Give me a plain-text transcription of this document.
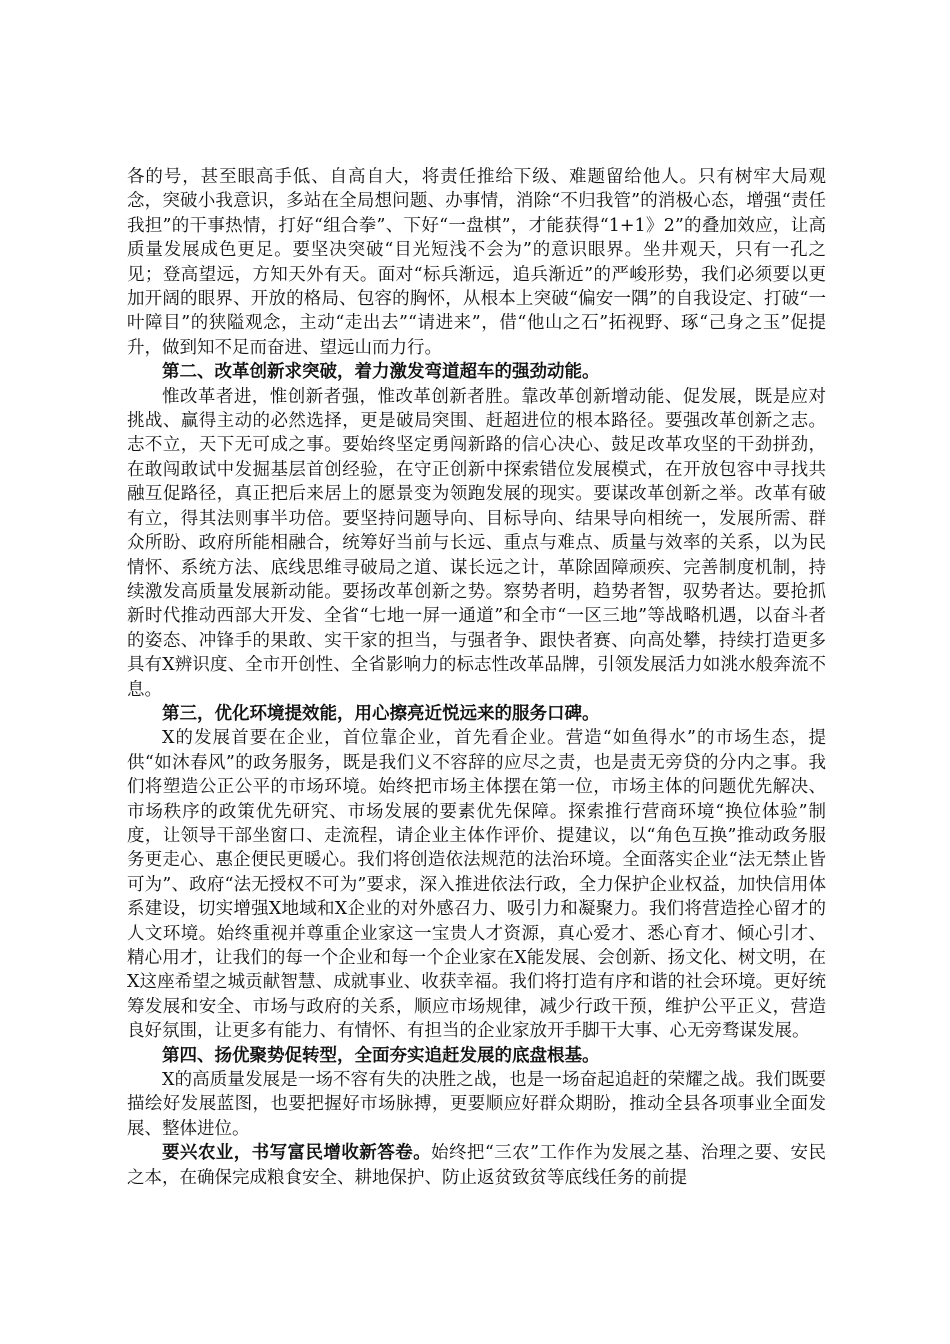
各的号，甚至眼高手低、自高自大，将责任推给下级、难题留给他人。只有树牢大局观念，突破小我意识，多站在全局想问题、办事情，消除“不归我管”的消极心态，增强“责任我担”的干事热情，打好“组合拳”、下好“一盘棋”，才能获得“1+1》2”的叠加效应，让高质量发展成色更足。要坚决突破“目光短浅不会为”的意识眼界。坐井观天，只有一孔之见；登高望远，方知天外有天。面对“标兵渐远，追兵渐近”的严峻形势，我们必须要以更加开阔的眼界、开放的格局、包容的胸怀，从根本上突破“偏安一隅”的自我设定、打破“一叶障目”的狭隘观念，主动“走出去”“请进来”，借“他山之石”拓视野、琢“己身之玉”促提升，做到知不足而奋进、望远山而力行。

第二、改革创新求突破，着力激发弯道超车的强劲动能。

惟改革者进，惟创新者强，惟改革创新者胜。靠改革创新增动能、促发展，既是应对挑战、赢得主动的必然选择，更是破局突围、赶超进位的根本路径。要强改革创新之志。志不立，天下无可成之事。要始终坚定勇闯新路的信心决心、鼓足改革攻坚的干劲拼劲，在敢闯敢试中发掘基层首创经验，在守正创新中探索错位发展模式，在开放包容中寻找共融互促路径，真正把后来居上的愿景变为领跑发展的现实。要谋改革创新之举。改革有破有立，得其法则事半功倍。要坚持问题导向、目标导向、结果导向相统一，发展所需、群众所盼、政府所能相融合，统筹好当前与长远、重点与难点、质量与效率的关系，以为民情怀、系统方法、底线思维寻破局之道、谋长远之计，革除固障顽疾、完善制度机制，持续激发高质量发展新动能。要扬改革创新之势。察势者明，趋势者智，驭势者达。要抢抓新时代推动西部大开发、全省“七地一屏一通道”和全市“一区三地”等战略机遇，以奋斗者的姿态、冲锋手的果敢、实干家的担当，与强者争、跟快者赛、向高处攀，持续打造更多具有X辨识度、全市开创性、全省影响力的标志性改革品牌，引领发展活力如洮水般奔流不息。

第三，优化环境提效能，用心擦亮近悦远来的服务口碑。

X的发展首要在企业，首位靠企业，首先看企业。营造“如鱼得水”的市场生态，提供“如沐春风”的政务服务，既是我们义不容辞的应尽之责，也是责无旁贷的分内之事。我们将塑造公正公平的市场环境。始终把市场主体摆在第一位，市场主体的问题优先解决、市场秩序的政策优先研究、市场发展的要素优先保障。探索推行营商环境“换位体验”制度，让领导干部坐窗口、走流程，请企业主体作评价、提建议，以“角色互换”推动政务服务更走心、惠企便民更暖心。我们将创造依法规范的法治环境。全面落实企业“法无禁止皆可为”、政府“法无授权不可为”要求，深入推进依法行政，全力保护企业权益，加快信用体系建设，切实增强X地域和X企业的对外感召力、吸引力和凝聚力。我们将营造拴心留才的人文环境。始终重视并尊重企业家这一宝贵人才资源，真心爱才、悉心育才、倾心引才、精心用才，让我们的每一个企业和每一个企业家在X能发展、会创新、扬文化、树文明，在X这座希望之城贡献智慧、成就事业、收获幸福。我们将打造有序和谐的社会环境。更好统筹发展和安全、市场与政府的关系，顺应市场规律，减少行政干预，维护公平正义，营造良好氛围，让更多有能力、有情怀、有担当的企业家放开手脚干大事、心无旁骛谋发展。

第四、扬优聚势促转型，全面夯实追赶发展的底盘根基。

X的高质量发展是一场不容有失的决胜之战，也是一场奋起追赶的荣耀之战。我们既要描绘好发展蓝图，也要把握好市场脉搏，更要顺应好群众期盼，推动全县各项事业全面发展、整体进位。

要兴农业，书写富民增收新答卷。始终把“三农”工作作为发展之基、治理之要、安民之本，在确保完成粮食安全、耕地保护、防止返贫致贫等底线任务的前提
